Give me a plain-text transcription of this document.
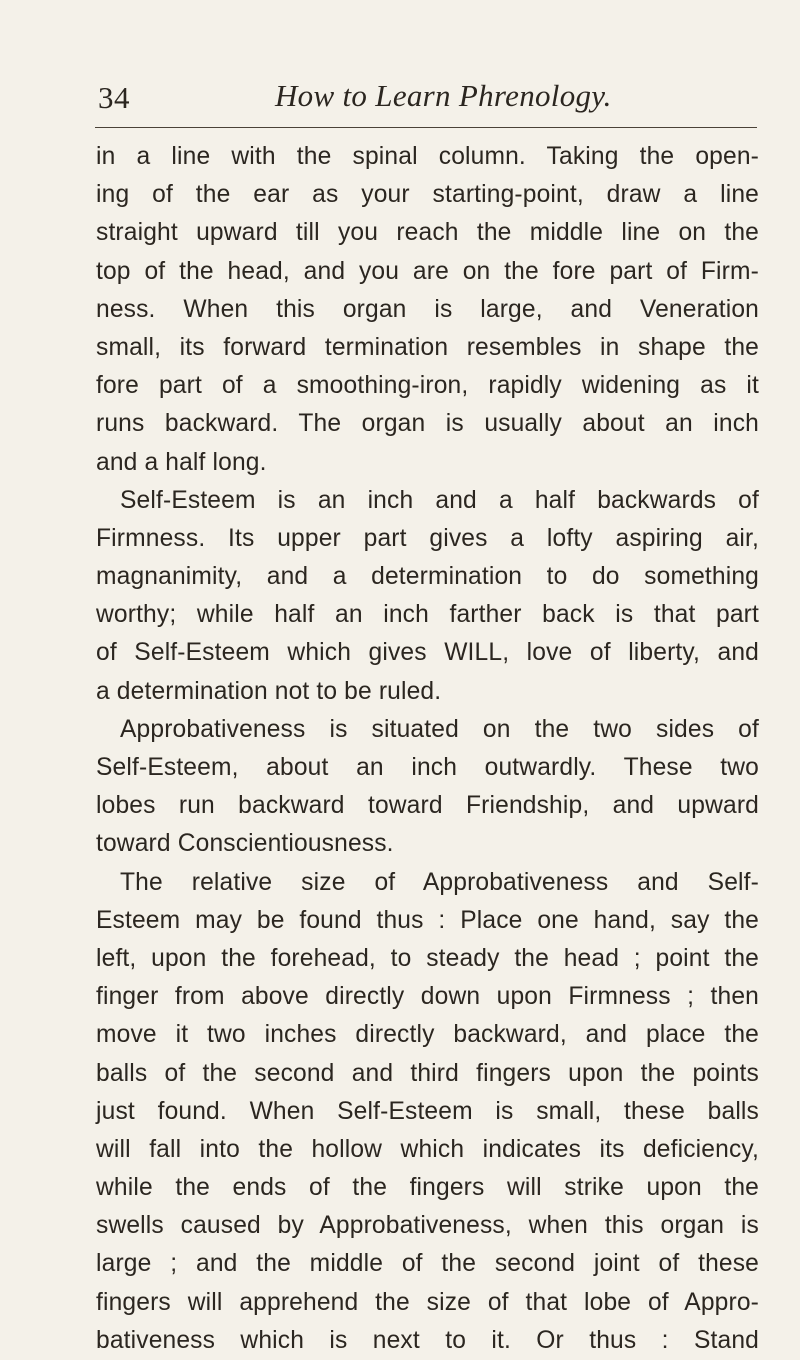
34	How to Learn Phrenology.
in a line with the spinal column. Taking the open-
ing of the ear as your starting-point, draw a line
straight upward till you reach the middle line on the
top of the head, and you are on the fore part of Firm-
ness. When this organ is large, and Veneration
small, its forward termination resembles in shape the
fore part of a smoothing-iron, rapidly widening as it
runs backward. The organ is usually about an inch
and a half long.
Self-Esteem is an inch and a half backwards of
Firmness. Its upper part gives a lofty aspiring air,
magnanimity, and a determination to do something
worthy; while half an inch farther back is that part
of Self-Esteem which gives WILL, love of liberty, and
a determination not to be ruled.
Approbativeness is situated on the two sides of
Self-Esteem, about an inch outwardly. These two
lobes run backward toward Friendship, and upward
toward Conscientiousness.
The relative size of Approbativeness and Self-
Esteem may be found thus : Place one hand, say the
left, upon the forehead, to steady the head ; point the
finger from above directly down upon Firmness ; then
move it two inches directly backward, and place the
balls of the second and third fingers upon the points
just found. When Self-Esteem is small, these balls
will fall into the hollow which indicates its deficiency,
while the ends of the fingers will strike upon the
swells caused by Approbativeness, when this organ is
large ; and the middle of the second joint of these
fingers will apprehend the size of that lobe of Appro-
bativeness which is next to it. Or thus : Stand
